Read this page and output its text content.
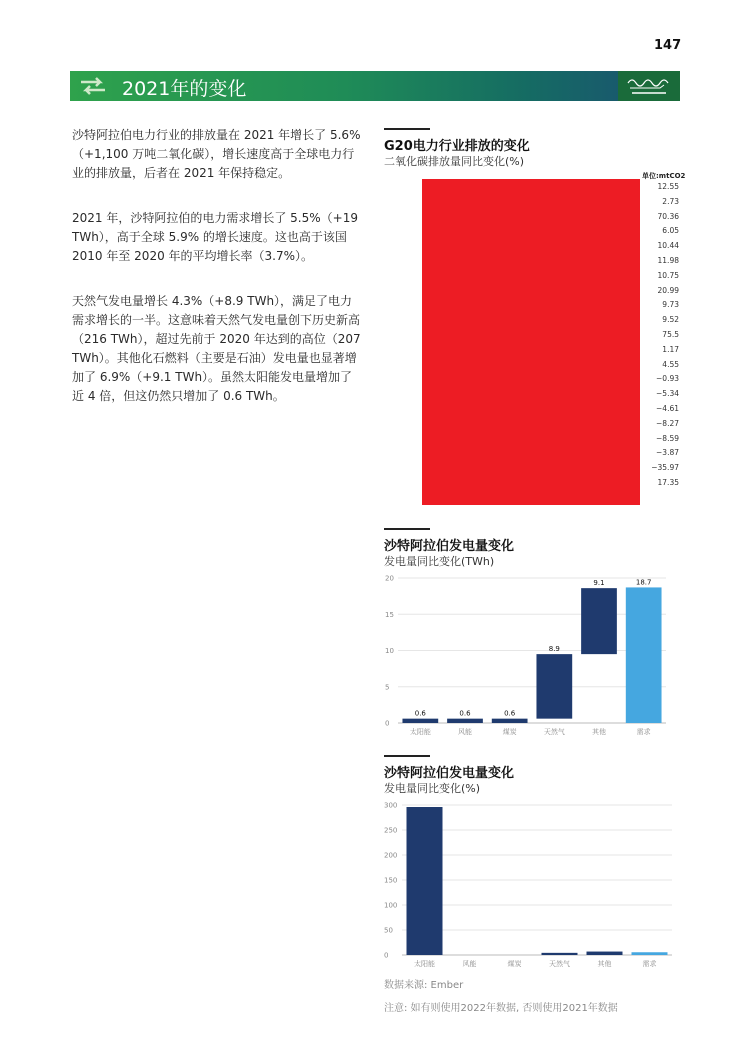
147
2021年的变化
沙特阿拉伯电力行业的排放量在 2021 年增长了 5.6%（+1,100 万吨二氧化碳），增长速度高于全球电力行业的排放量，后者在 2021 年保持稳定。
2021 年，沙特阿拉伯的电力需求增长了 5.5%（+19 TWh），高于全球 5.9% 的增长速度。这也高于该国 2010 年至 2020 年的平均增长率（3.7%）。
天然气发电量增长 4.3%（+8.9 TWh），满足了电力需求增长的一半。这意味着天然气发电量创下历史新高（216 TWh），超过先前于 2020 年达到的高位（207 TWh）。其他化石燃料（主要是石油）发电量也显著增加了 6.9%（+9.1 TWh）。虽然太阳能发电量增加了近 4 倍，但这仍然只增加了 0.6 TWh。
G20电力行业排放的变化
二氧化碳排放量同比变化(%)
单位:mtCO2
12.55
2.73
70.36
6.05
10.44
11.98
10.75
20.99
9.73
9.52
75.5
1.17
4.55
−0.93
−5.34
−4.61
−8.27
−8.59
−3.87
−35.97
17.35
沙特阿拉伯发电量变化
发电量同比变化(TWh)
0
5
10
15
20
0.6
太阳能
0.6
风能
0.6
煤炭
8.9
天然气
9.1
其他
18.7
需求
沙特阿拉伯发电量变化
发电量同比变化(%)
0
50
100
150
200
250
300
太阳能	风能	煤炭	天然气	其他	需求
数据来源: Ember
注意: 如有则使用2022年数据, 否则使用2021年数据
